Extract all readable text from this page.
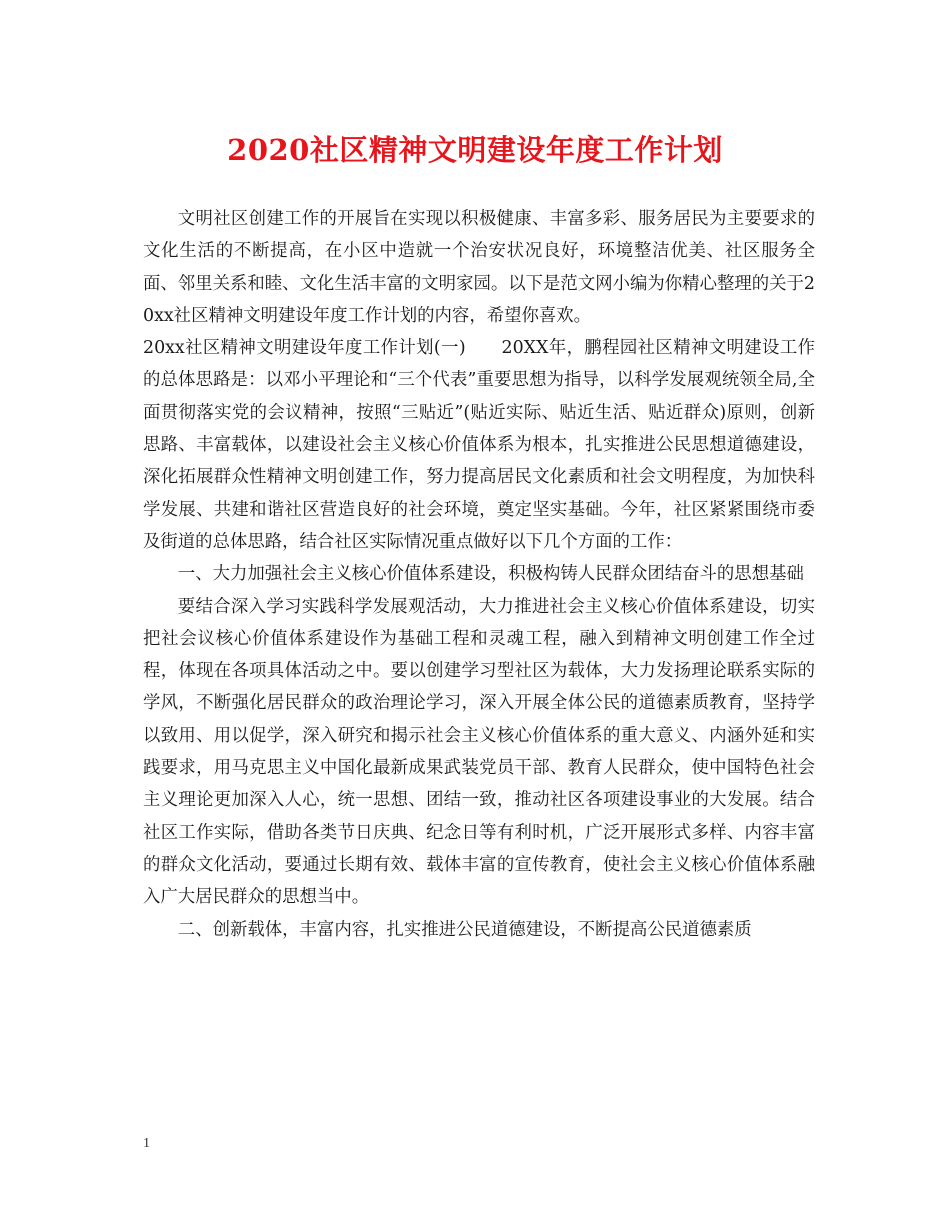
2020社区精神文明建设年度工作计划

文明社区创建工作的开展旨在实现以积极健康、丰富多彩、服务居民为主要要求的文化生活的不断提高，在小区中造就一个治安状况良好，环境整洁优美、社区服务全面、邻里关系和睦、文化生活丰富的文明家园。以下是范文网小编为你精心整理的关于20xx社区精神文明建设年度工作计划的内容，希望你喜欢。

20xx社区精神文明建设年度工作计划(一)　　20XX年，鹏程园社区精神文明建设工作的总体思路是：以邓小平理论和“三个代表”重要思想为指导，以科学发展观统领全局,全面贯彻落实党的会议精神，按照“三贴近”(贴近实际、贴近生活、贴近群众)原则，创新思路、丰富载体，以建设社会主义核心价值体系为根本，扎实推进公民思想道德建设，深化拓展群众性精神文明创建工作，努力提高居民文化素质和社会文明程度，为加快科学发展、共建和谐社区营造良好的社会环境，奠定坚实基础。今年，社区紧紧围绕市委及街道的总体思路，结合社区实际情况重点做好以下几个方面的工作：

一、大力加强社会主义核心价值体系建设，积极构铸人民群众团结奋斗的思想基础

要结合深入学习实践科学发展观活动，大力推进社会主义核心价值体系建设，切实把社会议核心价值体系建设作为基础工程和灵魂工程，融入到精神文明创建工作全过程，体现在各项具体活动之中。要以创建学习型社区为载体，大力发扬理论联系实际的学风，不断强化居民群众的政治理论学习，深入开展全体公民的道德素质教育，坚持学以致用、用以促学，深入研究和揭示社会主义核心价值体系的重大意义、内涵外延和实践要求，用马克思主义中国化最新成果武装党员干部、教育人民群众，使中国特色社会主义理论更加深入人心，统一思想、团结一致，推动社区各项建设事业的大发展。结合社区工作实际，借助各类节日庆典、纪念日等有利时机，广泛开展形式多样、内容丰富的群众文化活动，要通过长期有效、载体丰富的宣传教育，使社会主义核心价值体系融入广大居民群众的思想当中。

二、创新载体，丰富内容，扎实推进公民道德建设，不断提高公民道德素质

1
